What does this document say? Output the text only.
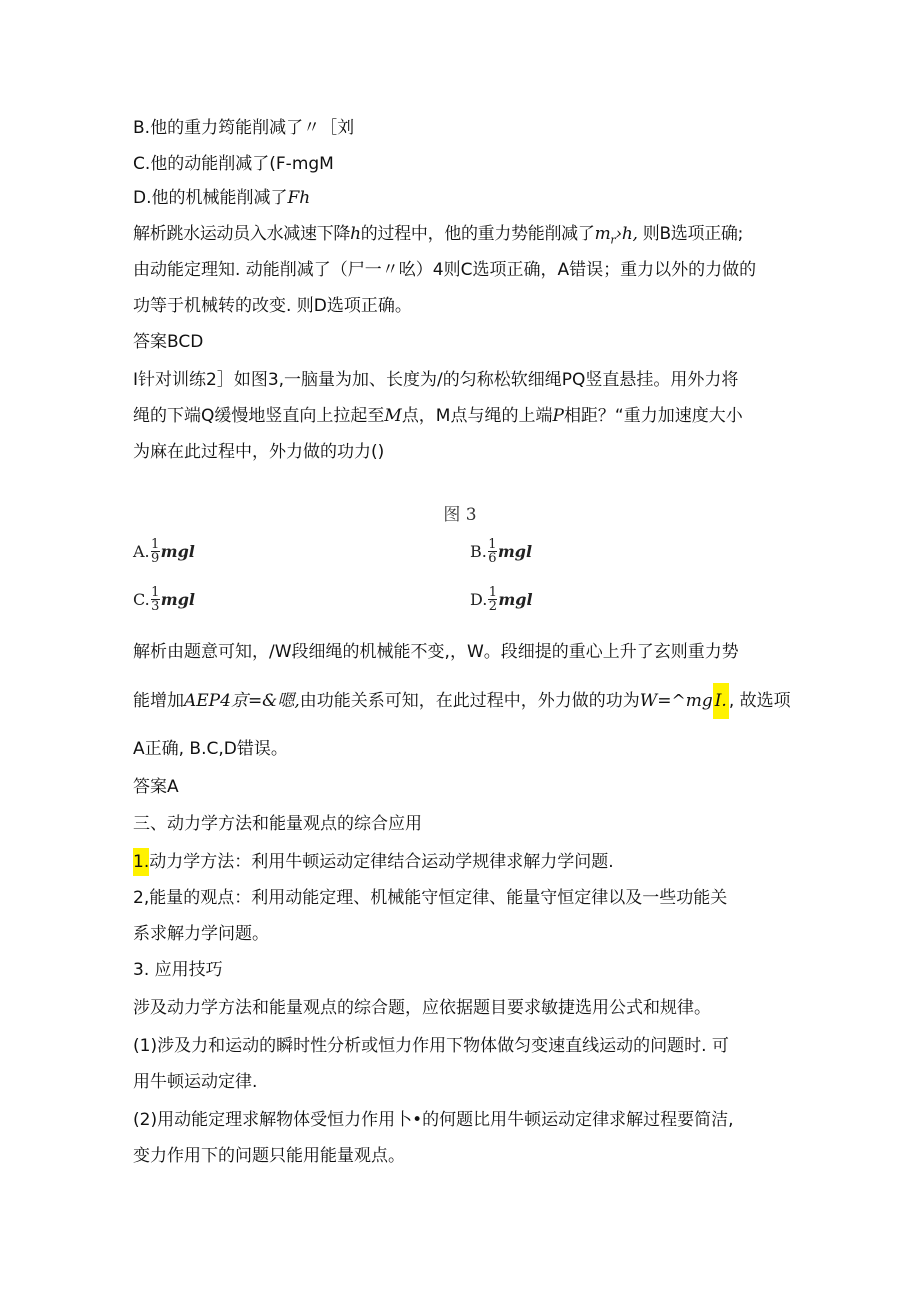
B.他的重力筠能削减了〃［刘
C.他的动能削减了(F-mgM
D.他的机械能削减了Fh
解析跳水运动员入水减速下降h的过程中，他的重力势能削减了$m_r›h$, 则B选项正确;
由动能定理知. 动能削减了（尸一〃吆）4则C选项正确，A错误；重力以外的力做的
功等于机械转的改变. 则D选项正确。
答案BCD
I针对训练2］如图3,一脑量为加、长度为/的匀称松软细绳PQ竖直悬挂。用外力将
绳的下端Q缓慢地竖直向上拉起至M点，M点与绳的上端P相距？“重力加速度大小
为麻在此过程中，外力做的功力()
图 3
A. $\frac{1}{9}$ mgl	B. $\frac{1}{6}$ mgl
C. $\frac{1}{3}$ mgl	D. $\frac{1}{2}$ mgl
解析由题意可知，/W段细绳的机械能不变,，W。段细提的重心上升了玄则重力势
能增加AEP4京=&嗯,由功能关系可知，在此过程中，外力做的功为W=^mg I. , 故选项
A正确, B.C,D错误。
答案A
三、动力学方法和能量观点的综合应用
1.动力学方法：利用牛顿运动定律结合运动学规律求解力学问题.
2,能量的观点：利用动能定理、机械能守恒定律、能量守恒定律以及一些功能关
系求解力学问题。
3. 应用技巧
涉及动力学方法和能量观点的综合题，应依据题目要求敏捷选用公式和规律。
(1)涉及力和运动的瞬时性分析或恒力作用下物体做匀变速直线运动的问题时. 可
用牛顿运动定律.
(2)用动能定理求解物体受恒力作用卜•的何题比用牛顿运动定律求解过程要简洁,
变力作用下的问题只能用能量观点。
